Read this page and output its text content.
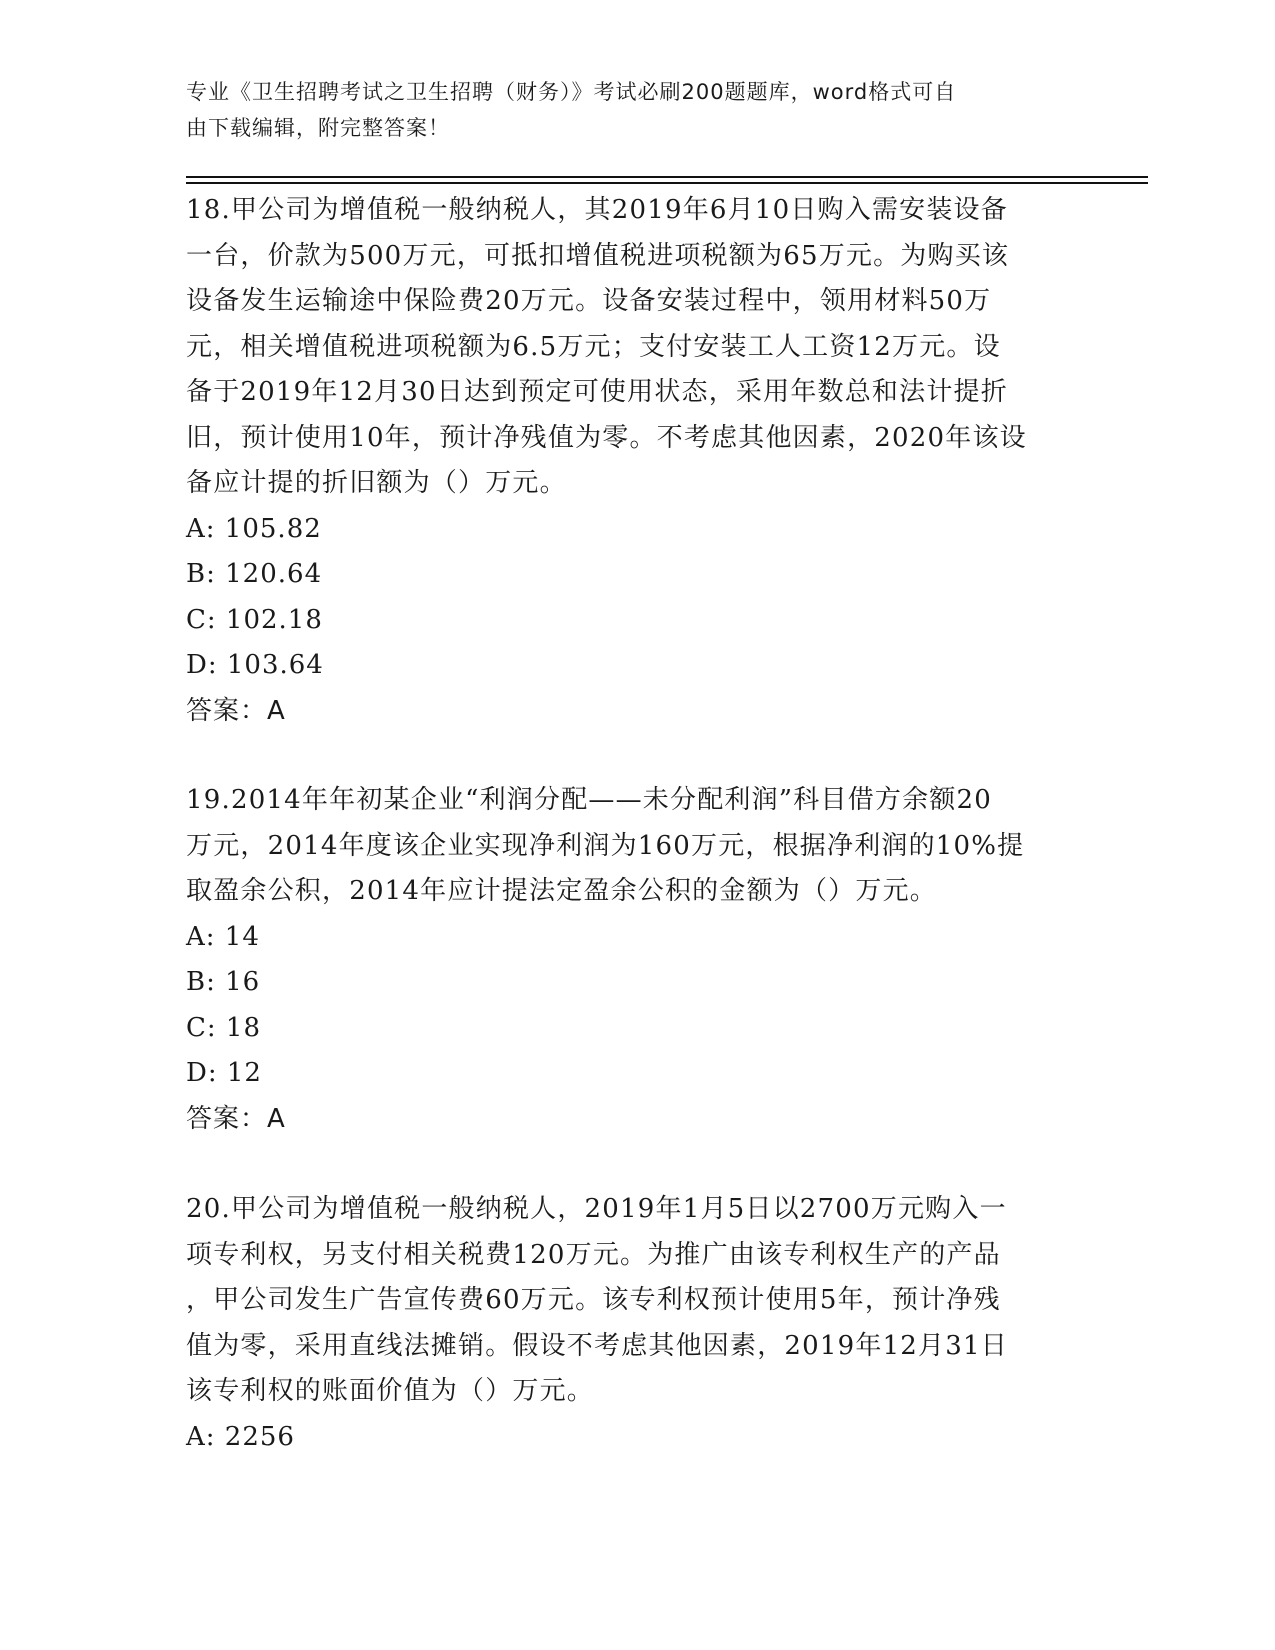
专业《卫生招聘考试之卫生招聘（财务）》考试必刷200题题库，word格式可自
由下载编辑，附完整答案！

18.甲公司为增值税一般纳税人，其2019年6月10日购入需安装设备

一台，价款为500万元，可抵扣增值税进项税额为65万元。为购买该

设备发生运输途中保险费20万元。设备安装过程中，领用材料50万

元，相关增值税进项税额为6.5万元；支付安装工人工资12万元。设

备于2019年12月30日达到预定可使用状态，采用年数总和法计提折

旧，预计使用10年，预计净残值为零。不考虑其他因素，2020年该设

备应计提的折旧额为（）万元。

A: 105.82

B: 120.64

C: 102.18

D: 103.64

答案：A

19.2014年年初某企业“利润分配——未分配利润”科目借方余额20

万元，2014年度该企业实现净利润为160万元，根据净利润的10%提

取盈余公积，2014年应计提法定盈余公积的金额为（）万元。

A: 14

B: 16

C: 18

D: 12

答案：A

20.甲公司为增值税一般纳税人，2019年1月5日以2700万元购入一

项专利权，另支付相关税费120万元。为推广由该专利权生产的产品

，甲公司发生广告宣传费60万元。该专利权预计使用5年，预计净残

值为零，采用直线法摊销。假设不考虑其他因素，2019年12月31日

该专利权的账面价值为（）万元。

A: 2256
